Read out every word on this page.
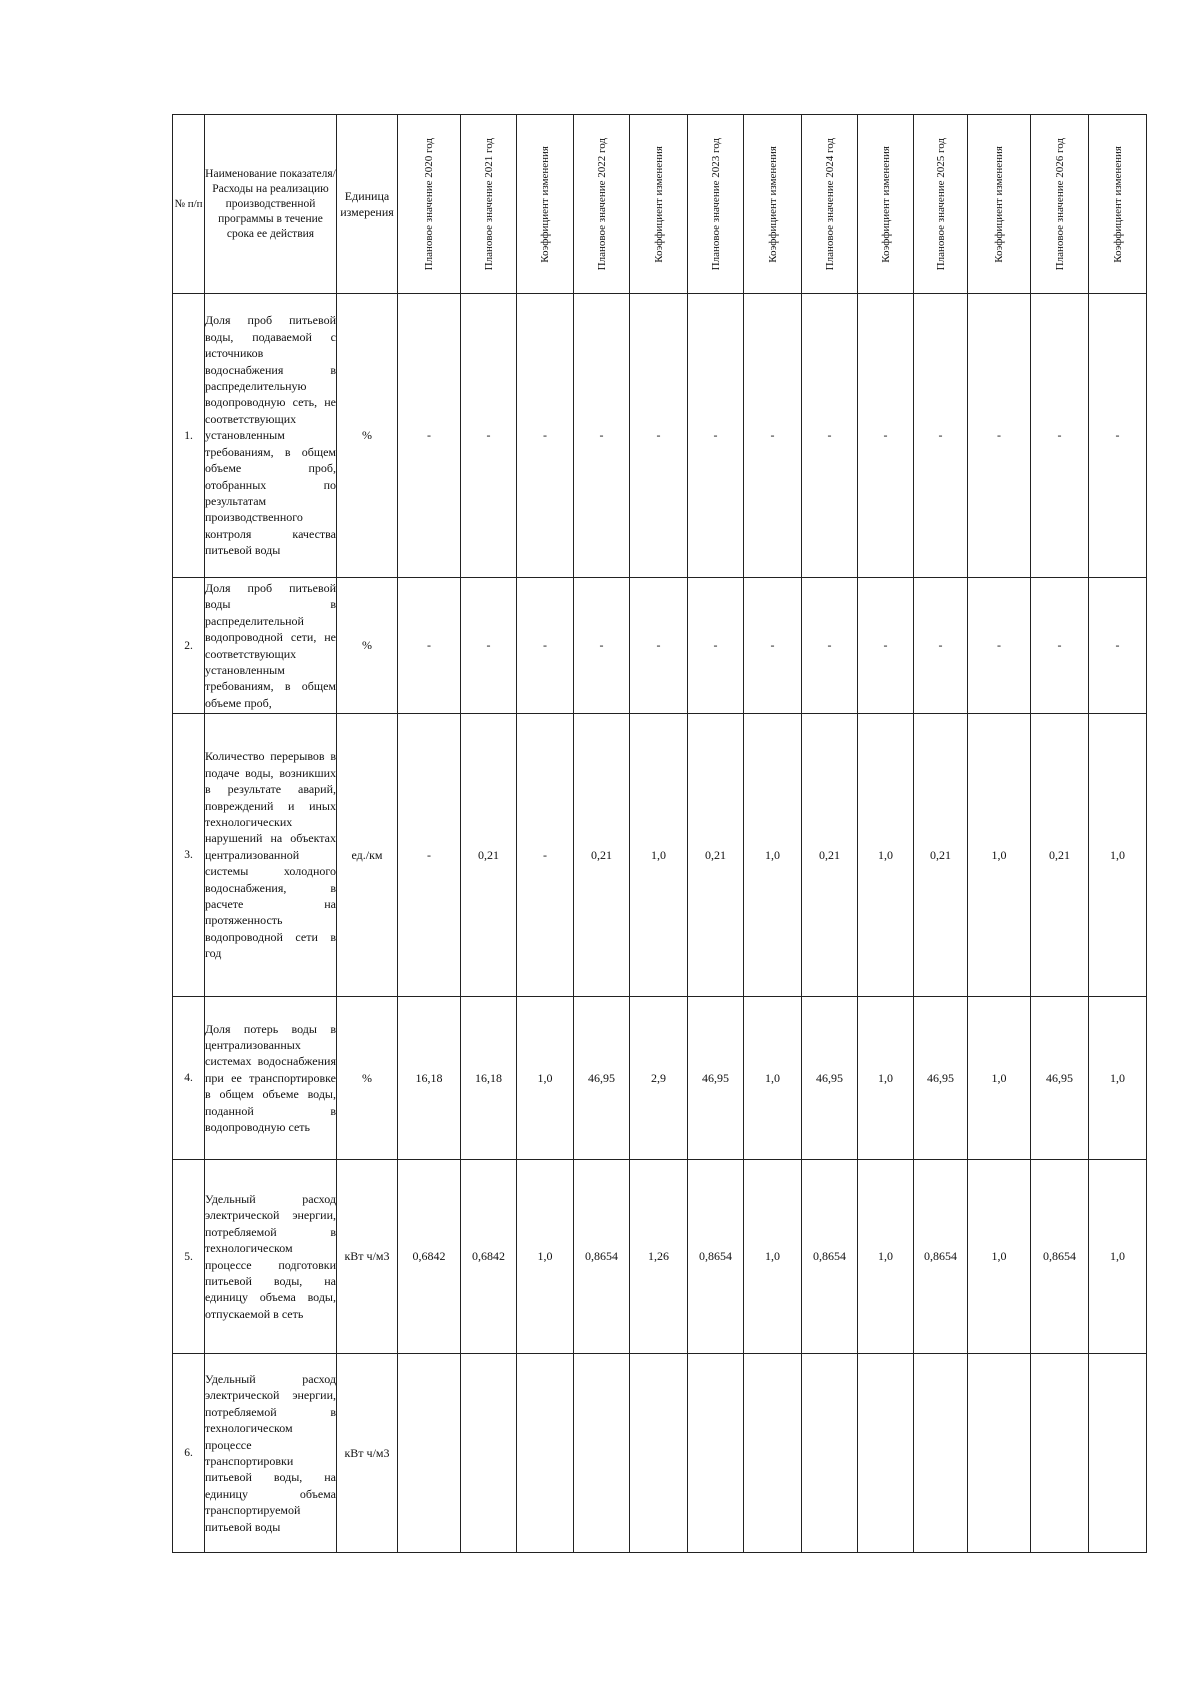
№ п/п	Наименование показателя/Расходы на реализацию производственной программы в течение срока ее действия	Единица измерения	Плановое значение 2020 год	Плановое значение 2021 год	Коэффициент изменения	Плановое значение 2022 год	Коэффициент изменения	Плановое значение 2023 год	Коэффициент изменения	Плановое значение 2024 год	Коэффициент изменения	Плановое значение 2025 год	Коэффициент изменения	Плановое значение 2026 год	Коэффициент изменения

1.	Доля проб питьевой воды, подаваемой с источников водоснабжения в распределительную водопроводную сеть, не соответствующих установленным требованиям, в общем объеме проб, отобранных по результатам производственного контроля качества питьевой воды	%	-	-	-	-	-	-	-	-	-	-	-	-	-
2.	Доля проб питьевой воды в распределительной водопроводной сети, не соответствующих установленным требованиям, в общем объеме проб,	%	-	-	-	-	-	-	-	-	-	-	-	-	-
3.	Количество перерывов в подаче воды, возникших в результате аварий, повреждений и иных технологических нарушений на объектах централизованной системы холодного водоснабжения, в расчете на протяженность водопроводной сети в год	ед./км	-	0,21	-	0,21	1,0	0,21	1,0	0,21	1,0	0,21	1,0	0,21	1,0
4.	Доля потерь воды в централизованных системах водоснабжения при ее транспортировке в общем объеме воды, поданной в водопроводную сеть	%	16,18	16,18	1,0	46,95	2,9	46,95	1,0	46,95	1,0	46,95	1,0	46,95	1,0
5.	Удельный расход электрической энергии, потребляемой в технологическом процессе подготовки питьевой воды, на единицу объема воды, отпускаемой в сеть	кВт ч/м3	0,6842	0,6842	1,0	0,8654	1,26	0,8654	1,0	0,8654	1,0	0,8654	1,0	0,8654	1,0
6.	Удельный расход электрической энергии, потребляемой в технологическом процессе транспортировки питьевой воды, на единицу объема транспортируемой питьевой воды	кВт ч/м3													
